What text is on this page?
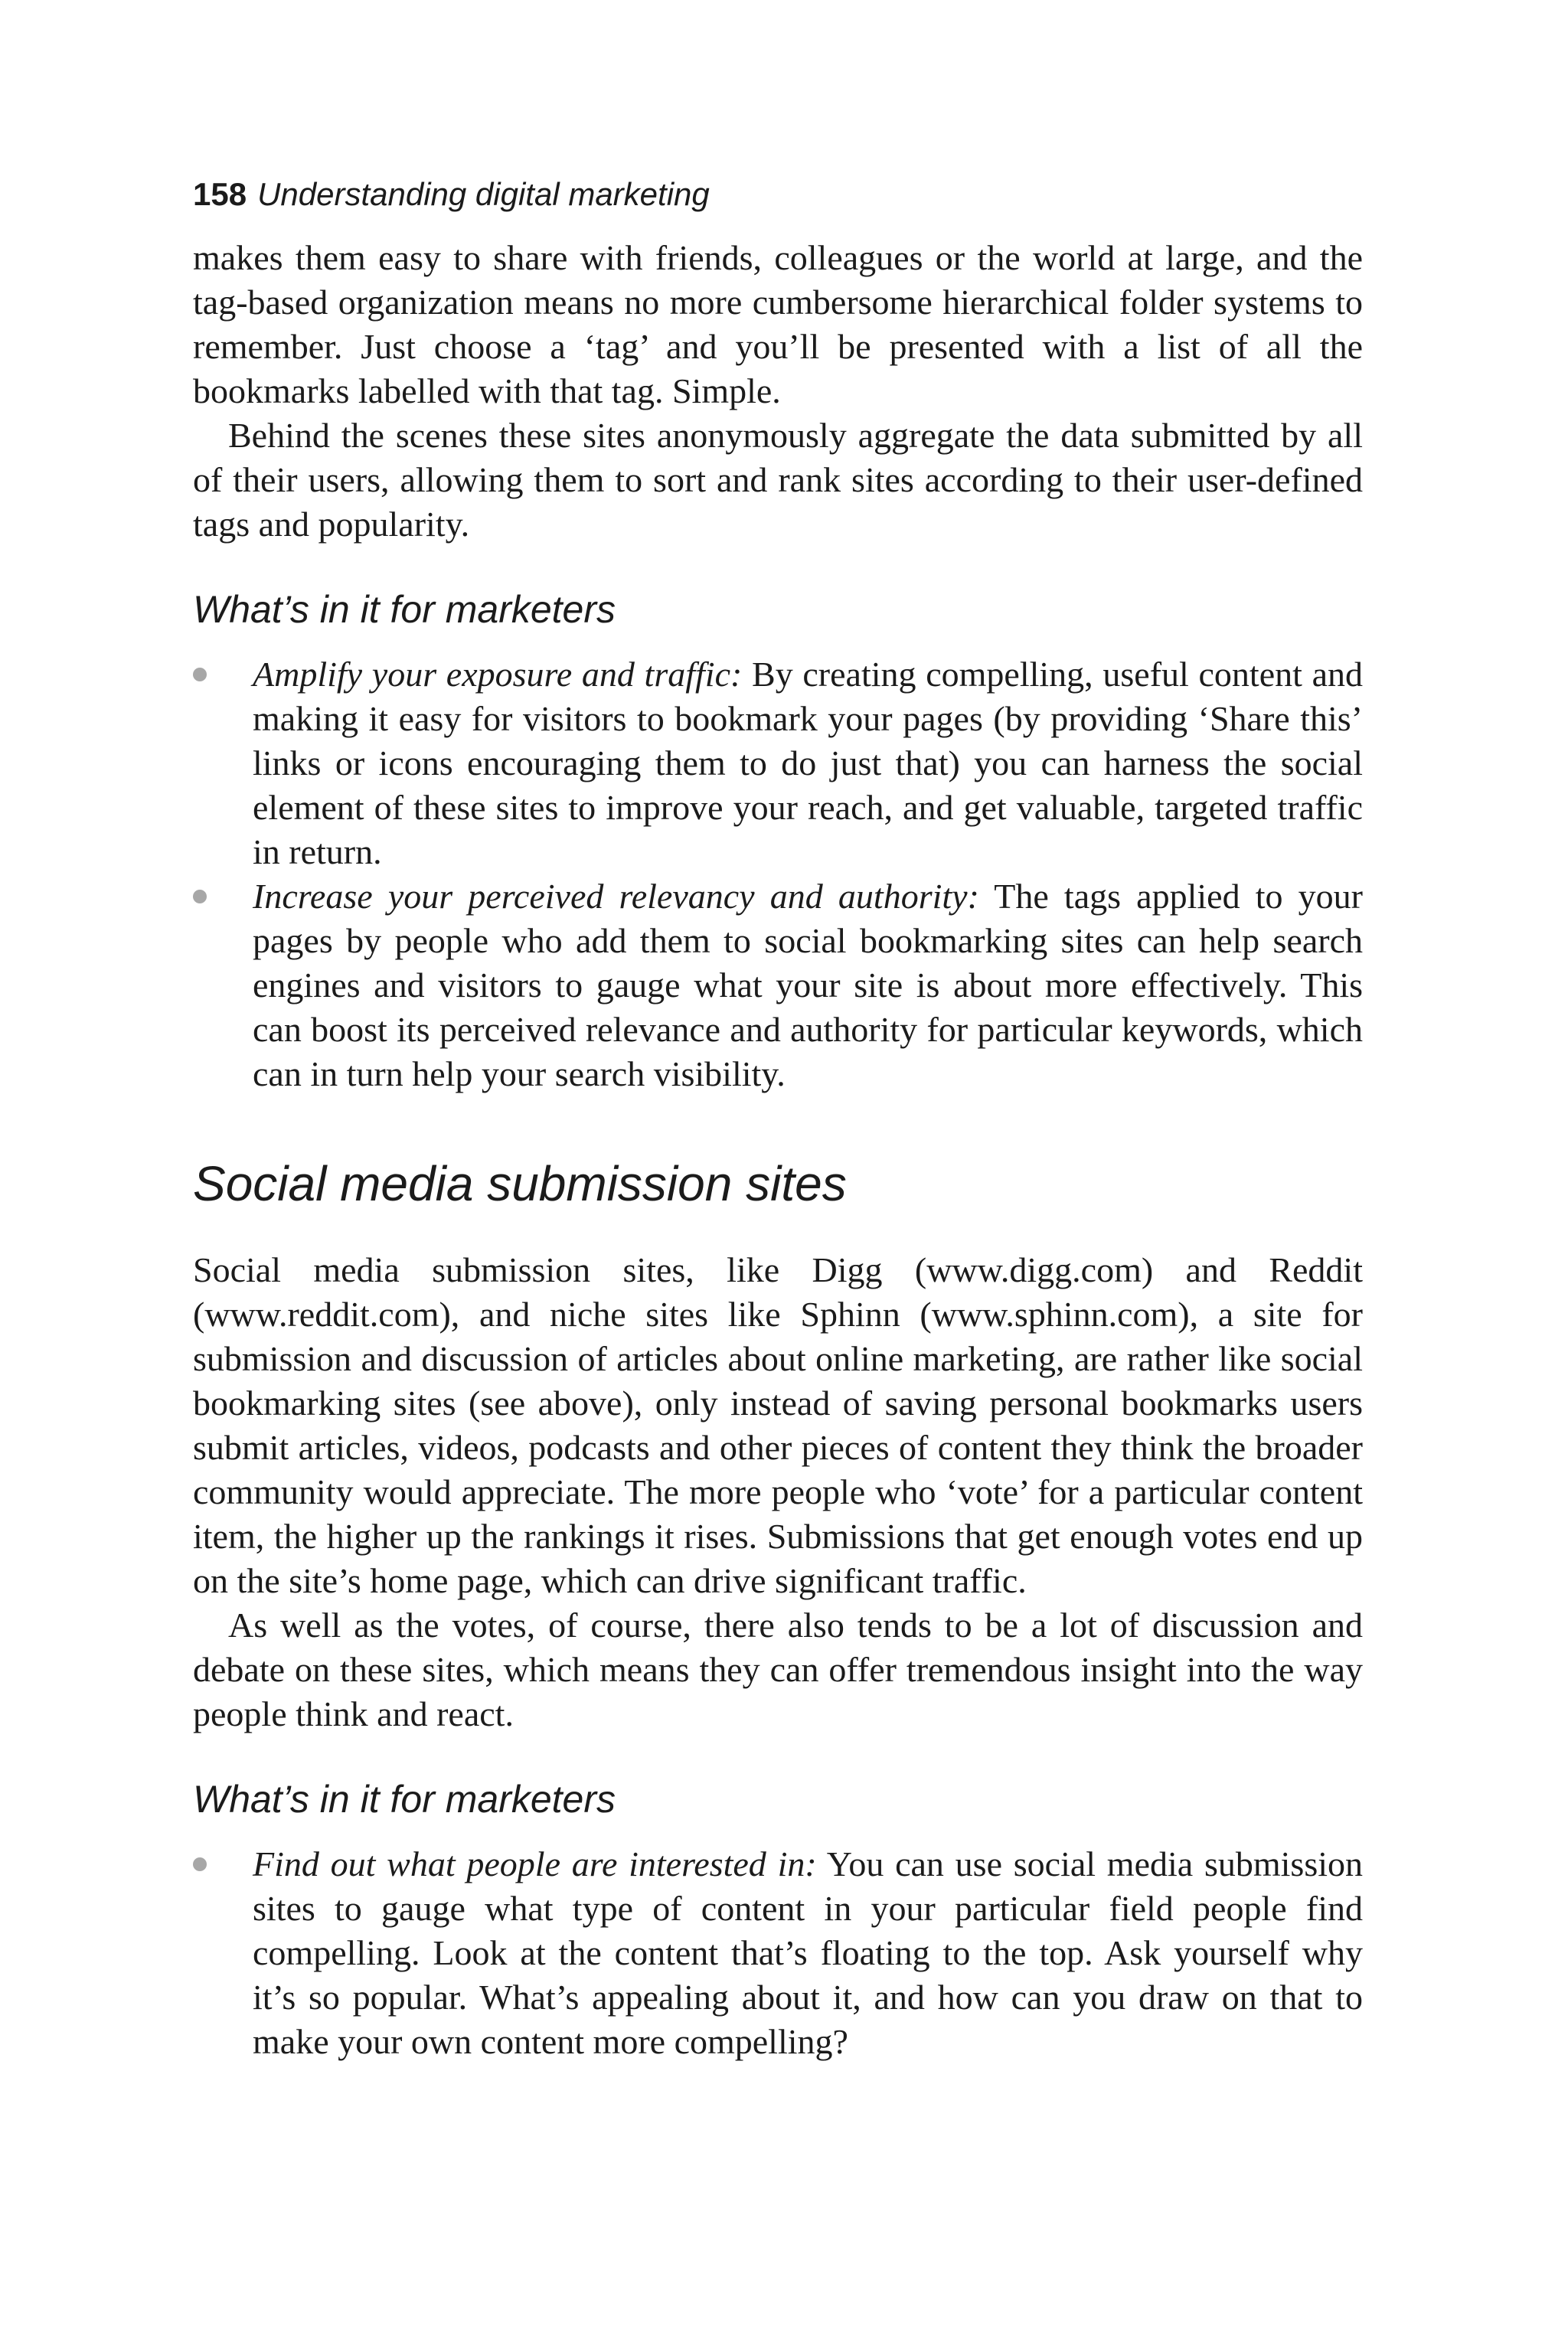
158 Understanding digital marketing

makes them easy to share with friends, colleagues or the world at large, and the tag-based organization means no more cumbersome hierarchical folder systems to remember. Just choose a ‘tag’ and you’ll be presented with a list of all the bookmarks labelled with that tag. Simple.

Behind the scenes these sites anonymously aggregate the data submitted by all of their users, allowing them to sort and rank sites according to their user-defined tags and popularity.

What’s in it for marketers

Amplify your exposure and traffic: By creating compelling, useful content and making it easy for visitors to bookmark your pages (by providing ‘Share this’ links or icons encouraging them to do just that) you can harness the social element of these sites to improve your reach, and get valuable, targeted traffic in return.

Increase your perceived relevancy and authority: The tags applied to your pages by people who add them to social bookmarking sites can help search engines and visitors to gauge what your site is about more effectively. This can boost its perceived relevance and authority for particular keywords, which can in turn help your search visibility.

Social media submission sites

Social media submission sites, like Digg (www.digg.com) and Reddit (www.reddit.com), and niche sites like Sphinn (www.sphinn.com), a site for submission and discussion of articles about online marketing, are rather like social bookmarking sites (see above), only instead of saving personal bookmarks users submit articles, videos, podcasts and other pieces of content they think the broader community would appreciate. The more people who ‘vote’ for a particular content item, the higher up the rankings it rises. Submissions that get enough votes end up on the site’s home page, which can drive significant traffic.

As well as the votes, of course, there also tends to be a lot of discussion and debate on these sites, which means they can offer tremendous insight into the way people think and react.

What’s in it for marketers

Find out what people are interested in: You can use social media submission sites to gauge what type of content in your particular field people find compelling. Look at the content that’s floating to the top. Ask yourself why it’s so popular. What’s appealing about it, and how can you draw on that to make your own content more compelling?
